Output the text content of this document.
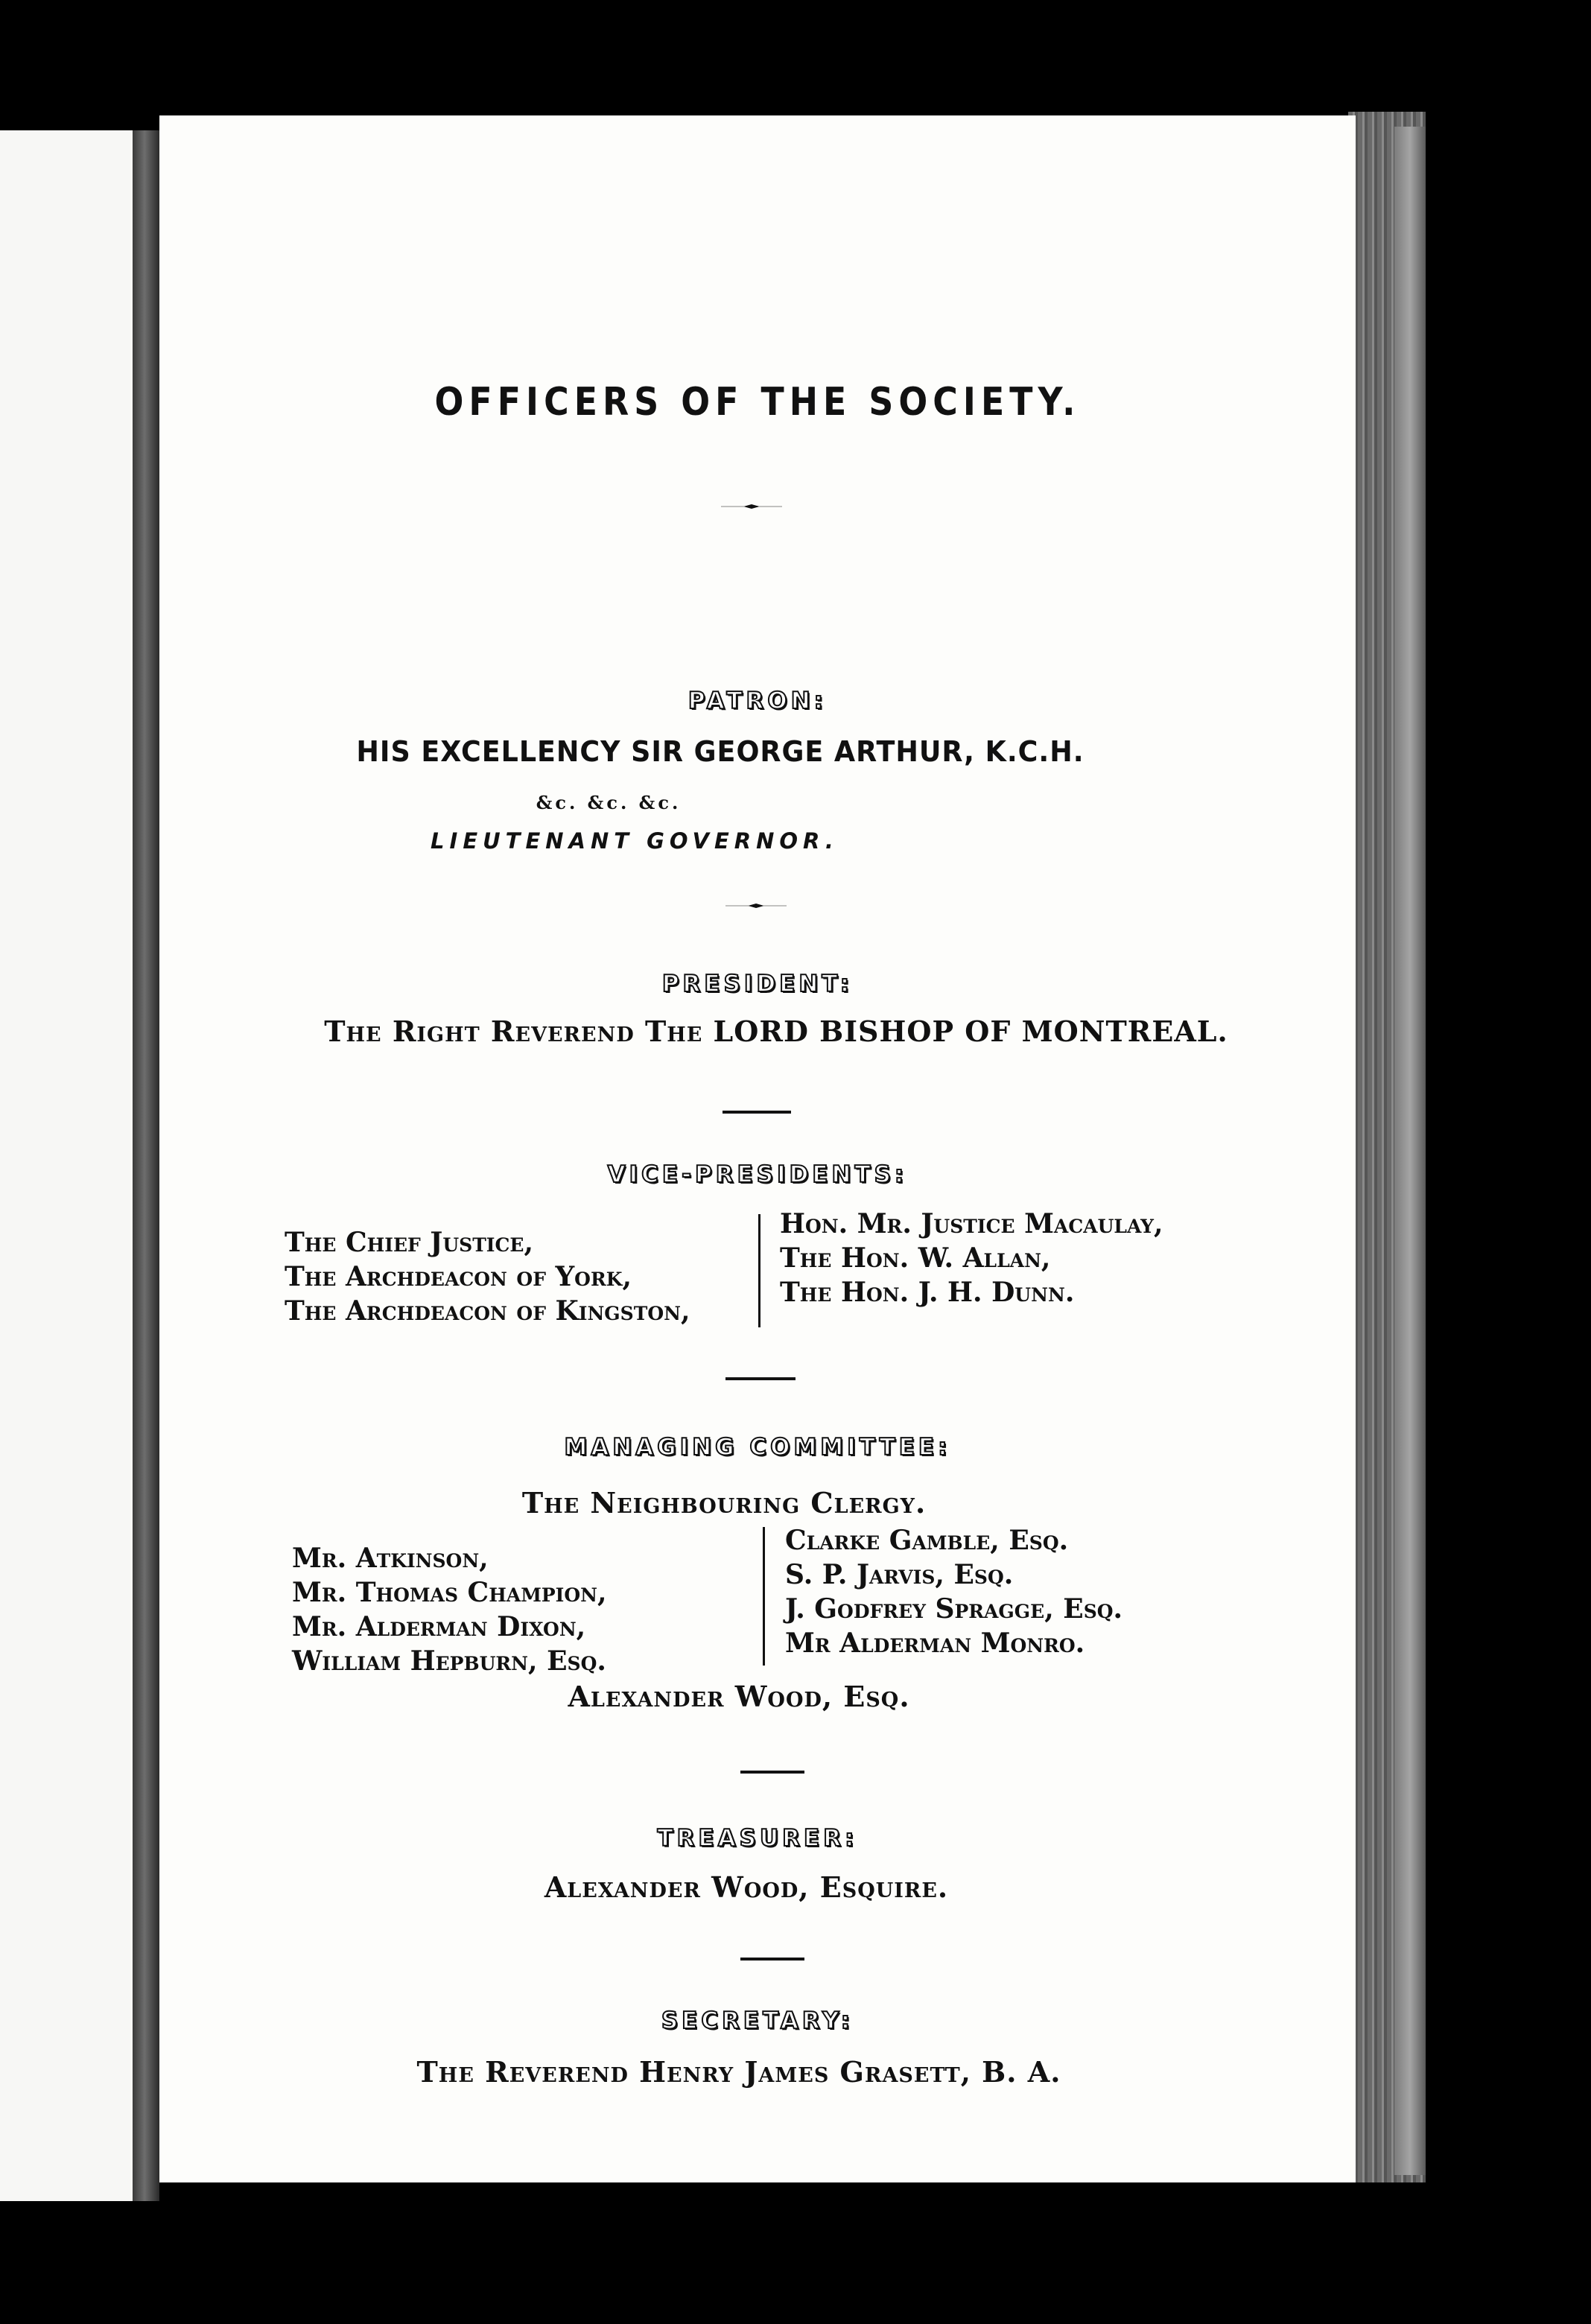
OFFICERS OF THE SOCIETY.

PATRON:

HIS EXCELLENCY SIR GEORGE ARTHUR, K.C.H.

&c. &c. &c.

LIEUTENANT GOVERNOR.

PRESIDENT:

The Right Reverend The LORD BISHOP OF MONTREAL.

VICE-PRESIDENTS:

The Chief Justice,
The Archdeacon of York,
The Archdeacon of Kingston,
Hon. Mr. Justice Macaulay,
The Hon. W. Allan,
The Hon. J. H. Dunn.

MANAGING COMMITTEE:

The Neighbouring Clergy.

Mr. Atkinson,
Mr. Thomas Champion,
Mr. Alderman Dixon,
William Hepburn, Esq.
Clarke Gamble, Esq.
S. P. Jarvis, Esq.
J. Godfrey Spragge, Esq.
Mr Alderman Monro.

Alexander Wood, Esq.

TREASURER:

Alexander Wood, Esquire.

SECRETARY:

The Reverend Henry James Grasett, B. A.
